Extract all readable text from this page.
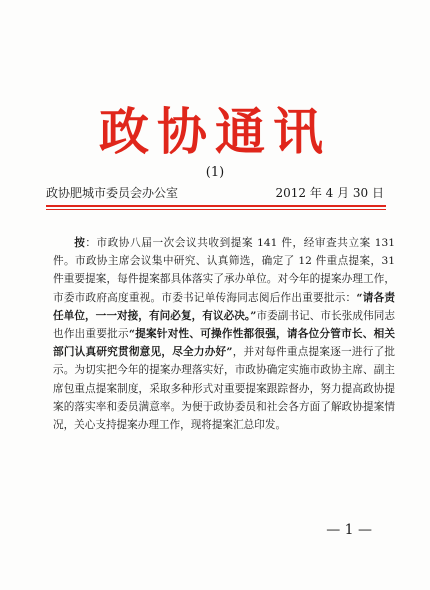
政协通讯
(1)
政协肥城市委员会办公室	2012 年 4 月 30 日

按：市政协八届一次会议共收到提案 141 件，经审查共立案 131 件。市政协主席会议集中研究、认真筛选，确定了 12 件重点提案，31 件重要提案，每件提案都具体落实了承办单位。对今年的提案办理工作，市委市政府高度重视。市委书记单传海同志阅后作出重要批示：“请各责任单位，一一对接，有问必复，有议必决。”市委副书记、市长张成伟同志也作出重要批示“提案针对性、可操作性都很强，请各位分管市长、相关部门认真研究贯彻意见，尽全力办好”，并对每件重点提案逐一进行了批示。为切实把今年的提案办理落实好，市政协确定实施市政协主席、副主席包重点提案制度，采取多种形式对重要提案跟踪督办，努力提高政协提案的落实率和委员满意率。为便于政协委员和社会各方面了解政协提案情况，关心支持提案办理工作，现将提案汇总印发。

— 1 —
